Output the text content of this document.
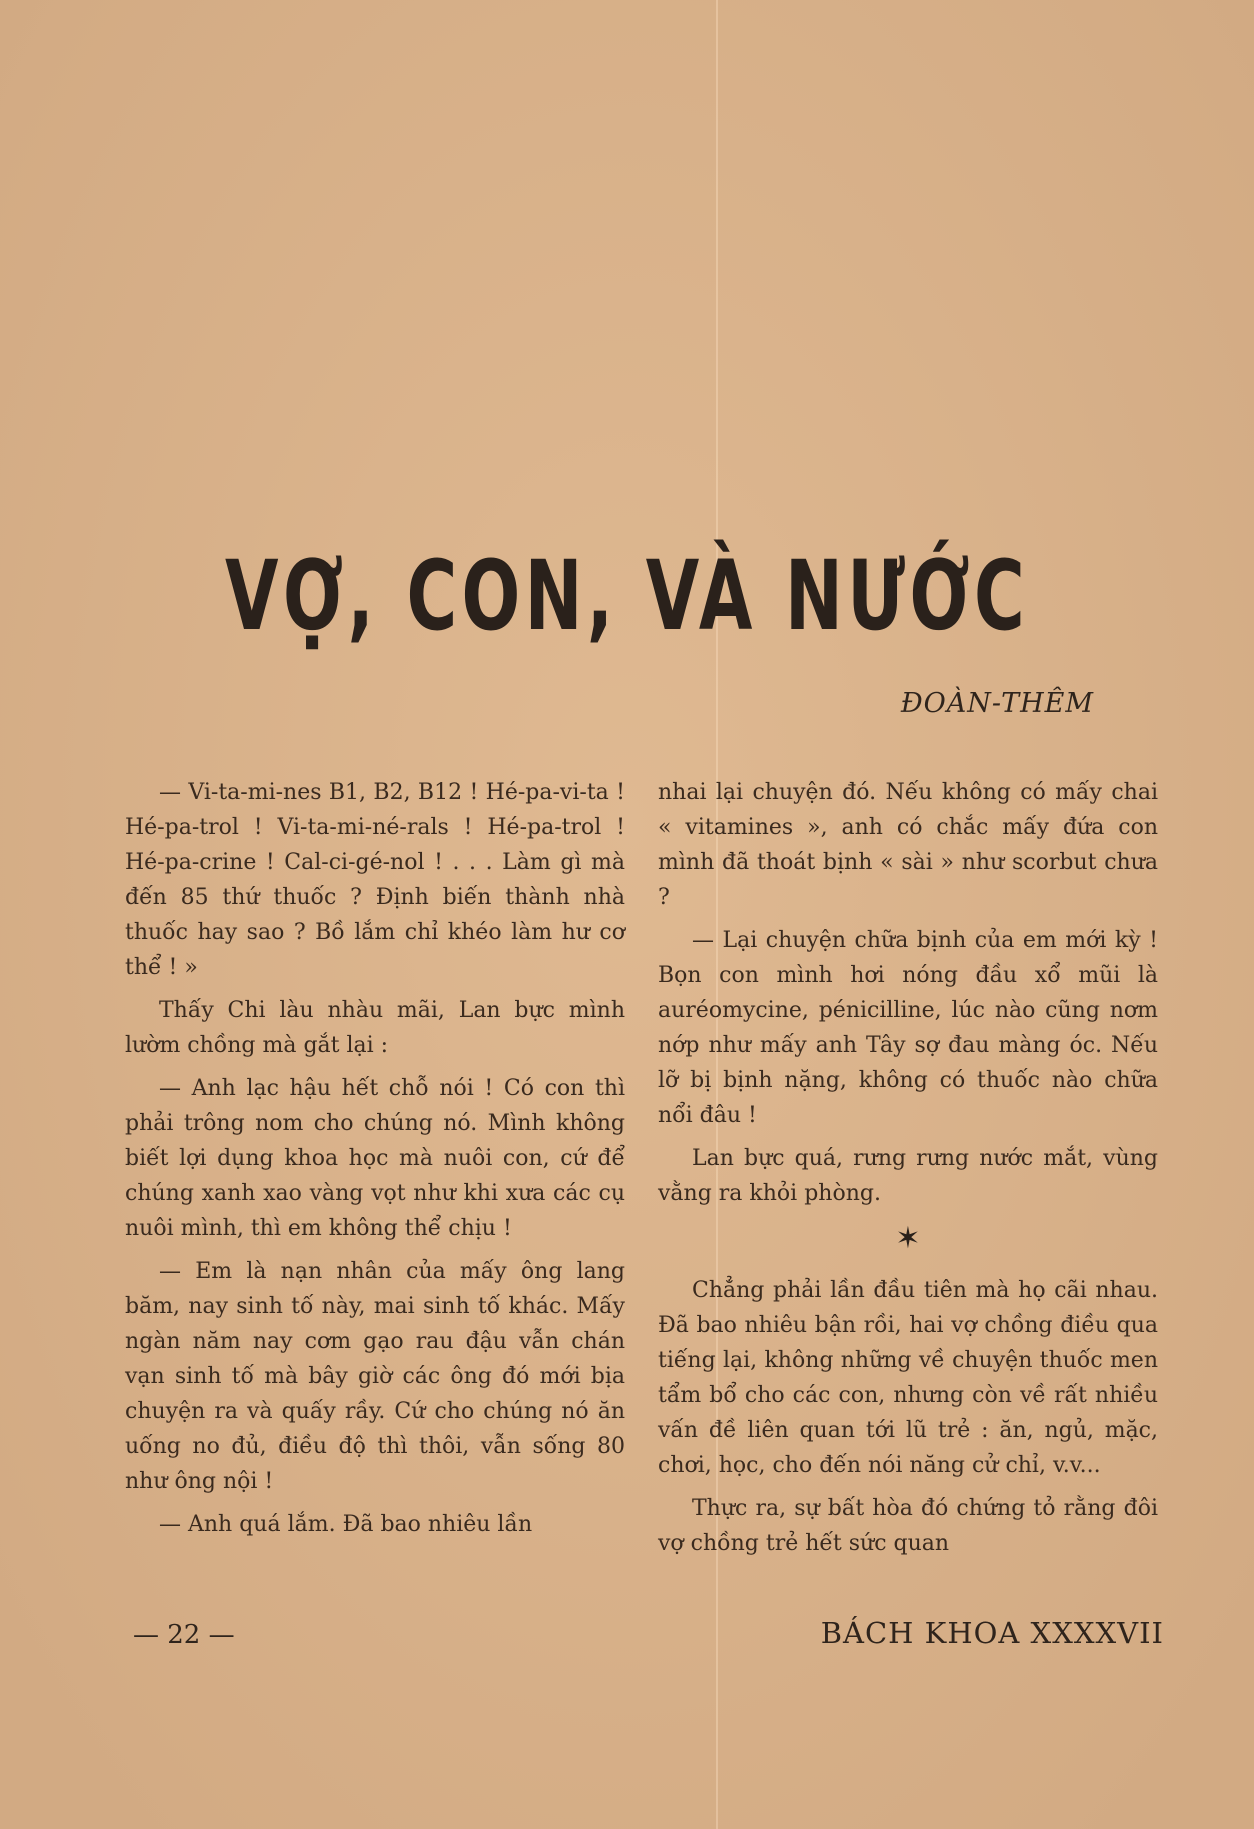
VỢ, CON, VÀ NƯỚC
ĐOÀN-THÊM

— Vi-ta-mi-nes B1, B2, B12 ! Hé-pa-vi-ta ! Hé-pa-trol ! Vi-ta-mi-né-rals ! Hé-pa-trol ! Hé-pa-crine ! Cal-ci-gé-nol ! . . . Làm gì mà đến 85 thứ thuốc ? Định biến thành nhà thuốc hay sao ? Bồ lắm chỉ khéo làm hư cơ thể ! »

Thấy Chi làu nhàu mãi, Lan bực mình lườm chồng mà gắt lại :

— Anh lạc hậu hết chỗ nói ! Có con thì phải trông nom cho chúng nó. Mình không biết lợi dụng khoa học mà nuôi con, cứ để chúng xanh xao vàng vọt như khi xưa các cụ nuôi mình, thì em không thể chịu !

— Em là nạn nhân của mấy ông lang băm, nay sinh tố này, mai sinh tố khác. Mấy ngàn năm nay cơm gạo rau đậu vẫn chán vạn sinh tố mà bây giờ các ông đó mới bịa chuyện ra và quấy rầy. Cứ cho chúng nó ăn uống no đủ, điều độ thì thôi, vẫn sống 80 như ông nội !

— Anh quá lắm. Đã bao nhiêu lần

nhai lại chuyện đó. Nếu không có mấy chai « vitamines », anh có chắc mấy đứa con mình đã thoát bịnh « sài » như scorbut chưa ?

— Lại chuyện chữa bịnh của em mới kỳ ! Bọn con mình hơi nóng đầu xổ mũi là auréomycine, pénicilline, lúc nào cũng nơm nớp như mấy anh Tây sợ đau màng óc. Nếu lỡ bị bịnh nặng, không có thuốc nào chữa nổi đâu !

Lan bực quá, rưng rưng nước mắt, vùng vằng ra khỏi phòng.

✶

Chẳng phải lần đầu tiên mà họ cãi nhau. Đã bao nhiêu bận rồi, hai vợ chồng điều qua tiếng lại, không những về chuyện thuốc men tẩm bổ cho các con, nhưng còn về rất nhiều vấn đề liên quan tới lũ trẻ : ăn, ngủ, mặc, chơi, học, cho đến nói năng cử chỉ, v.v...

Thực ra, sự bất hòa đó chứng tỏ rằng đôi vợ chồng trẻ hết sức quan

— 22 —	BÁCH KHOA XXXXVII
